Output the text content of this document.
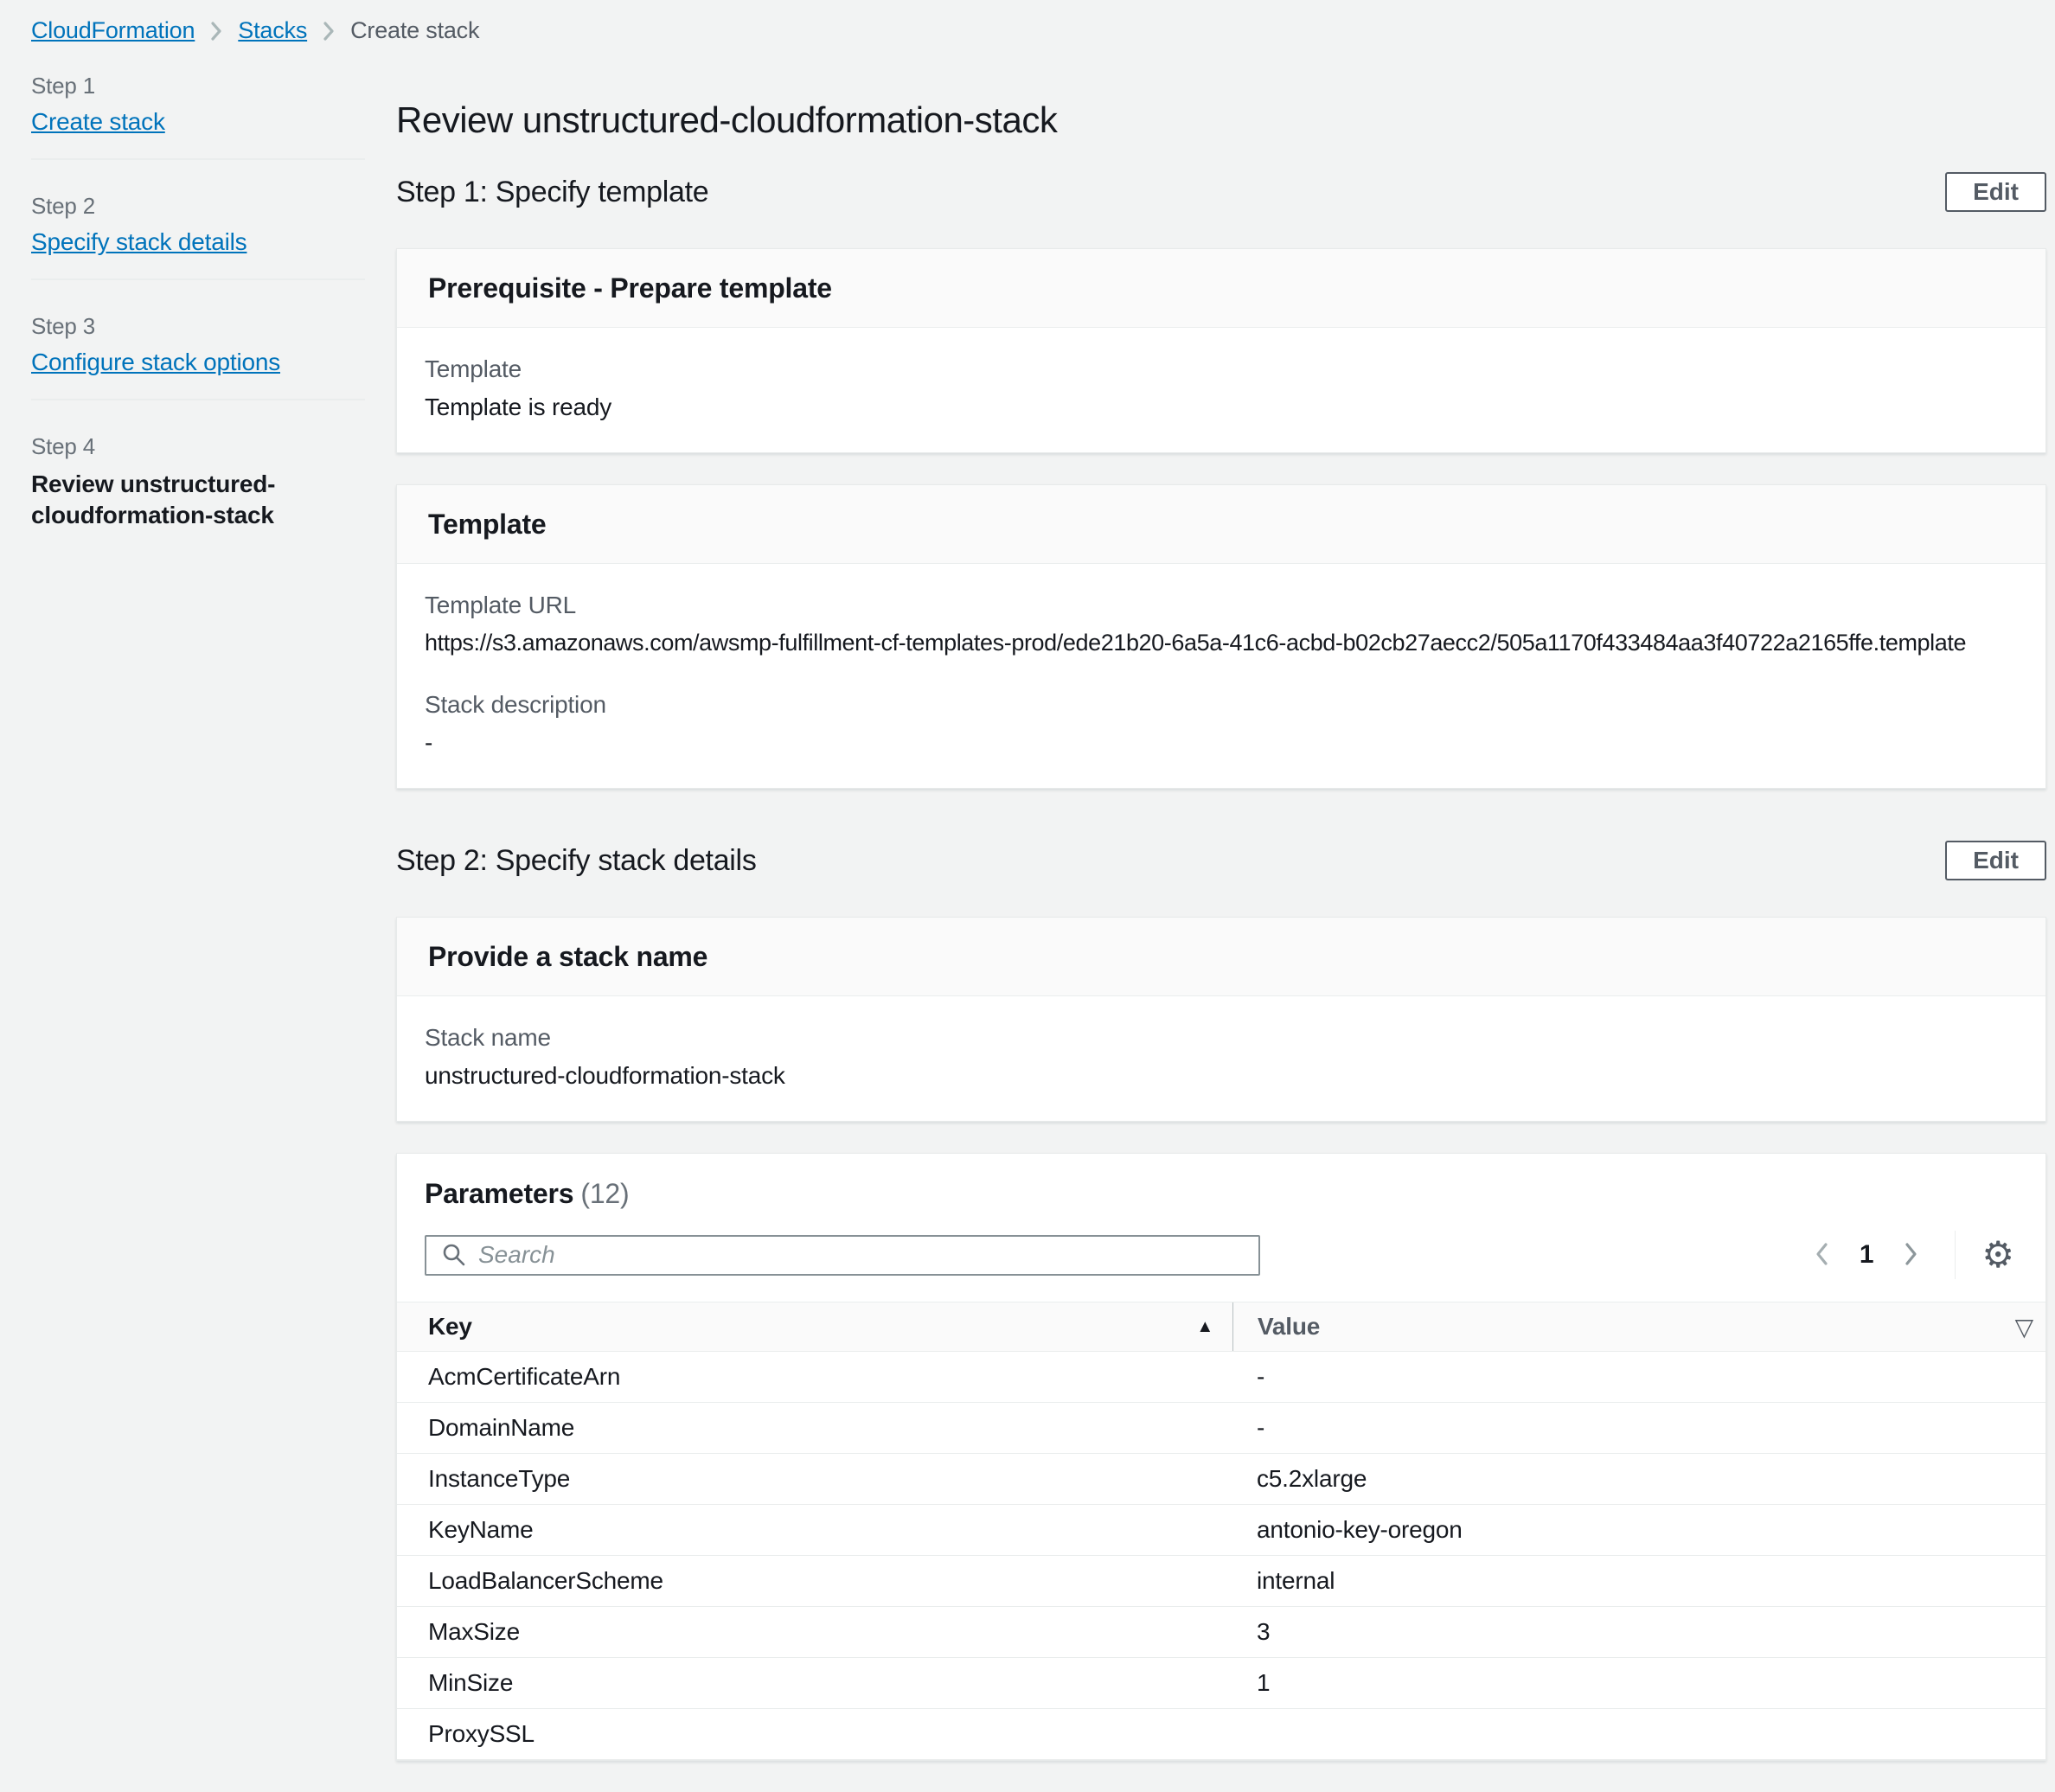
CloudFormation Stacks Create stack
Step 1
Create stack
Step 2
Specify stack details
Step 3
Configure stack options
Step 4
Review unstructured-cloudformation-stack
Review unstructured-cloudformation-stack
Step 1: Specify template	Edit
Prerequisite - Prepare template
Template
Template is ready
Template
Template URL
https://s3.amazonaws.com/awsmp-fulfillment-cf-templates-prod/ede21b20-6a5a-41c6-acbd-b02cb27aecc2/505a1170f433484aa3f40722a2165ffe.template
Stack description
-
Step 2: Specify stack details	Edit
Provide a stack name
Stack name
unstructured-cloudformation-stack
Parameters (12)
Search
1	⚙
Key	▲ Value	▽
AcmCertificateArn	-
DomainName	-
InstanceType	c5.2xlarge
KeyName	antonio-key-oregon
LoadBalancerScheme	internal
MaxSize	3
MinSize	1
ProxySSL
